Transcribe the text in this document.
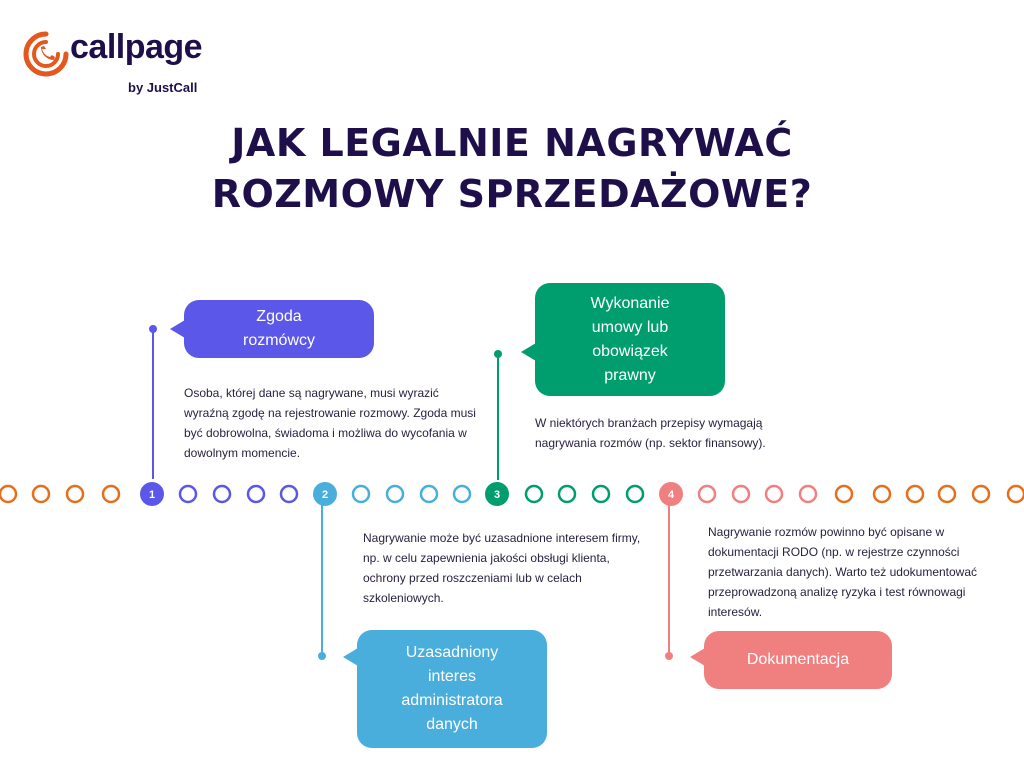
callpage
by JustCall
JAK LEGALNIE NAGRYWAĆ
ROZMOWY SPRZEDAŻOWE?
Zgoda
rozmówcy
Osoba, której dane są nagrywane, musi wyrazić wyraźną zgodę na rejestrowanie rozmowy. Zgoda musi być dobrowolna, świadoma i możliwa do wycofania w dowolnym momencie.
Wykonanie
umowy lub
obowiązek
prawny
W niektórych branżach przepisy wymagają nagrywania rozmów (np. sektor finansowy).
1	2	3	4
Nagrywanie może być uzasadnione interesem firmy, np. w celu zapewnienia jakości obsługi klienta, ochrony przed roszczeniami lub w celach szkoleniowych.
Uzasadniony
interes
administratora
danych
Nagrywanie rozmów powinno być opisane w dokumentacji RODO (np. w rejestrze czynności przetwarzania danych). Warto też udokumentować przeprowadzoną analizę ryzyka i test równowagi interesów.
Dokumentacja
